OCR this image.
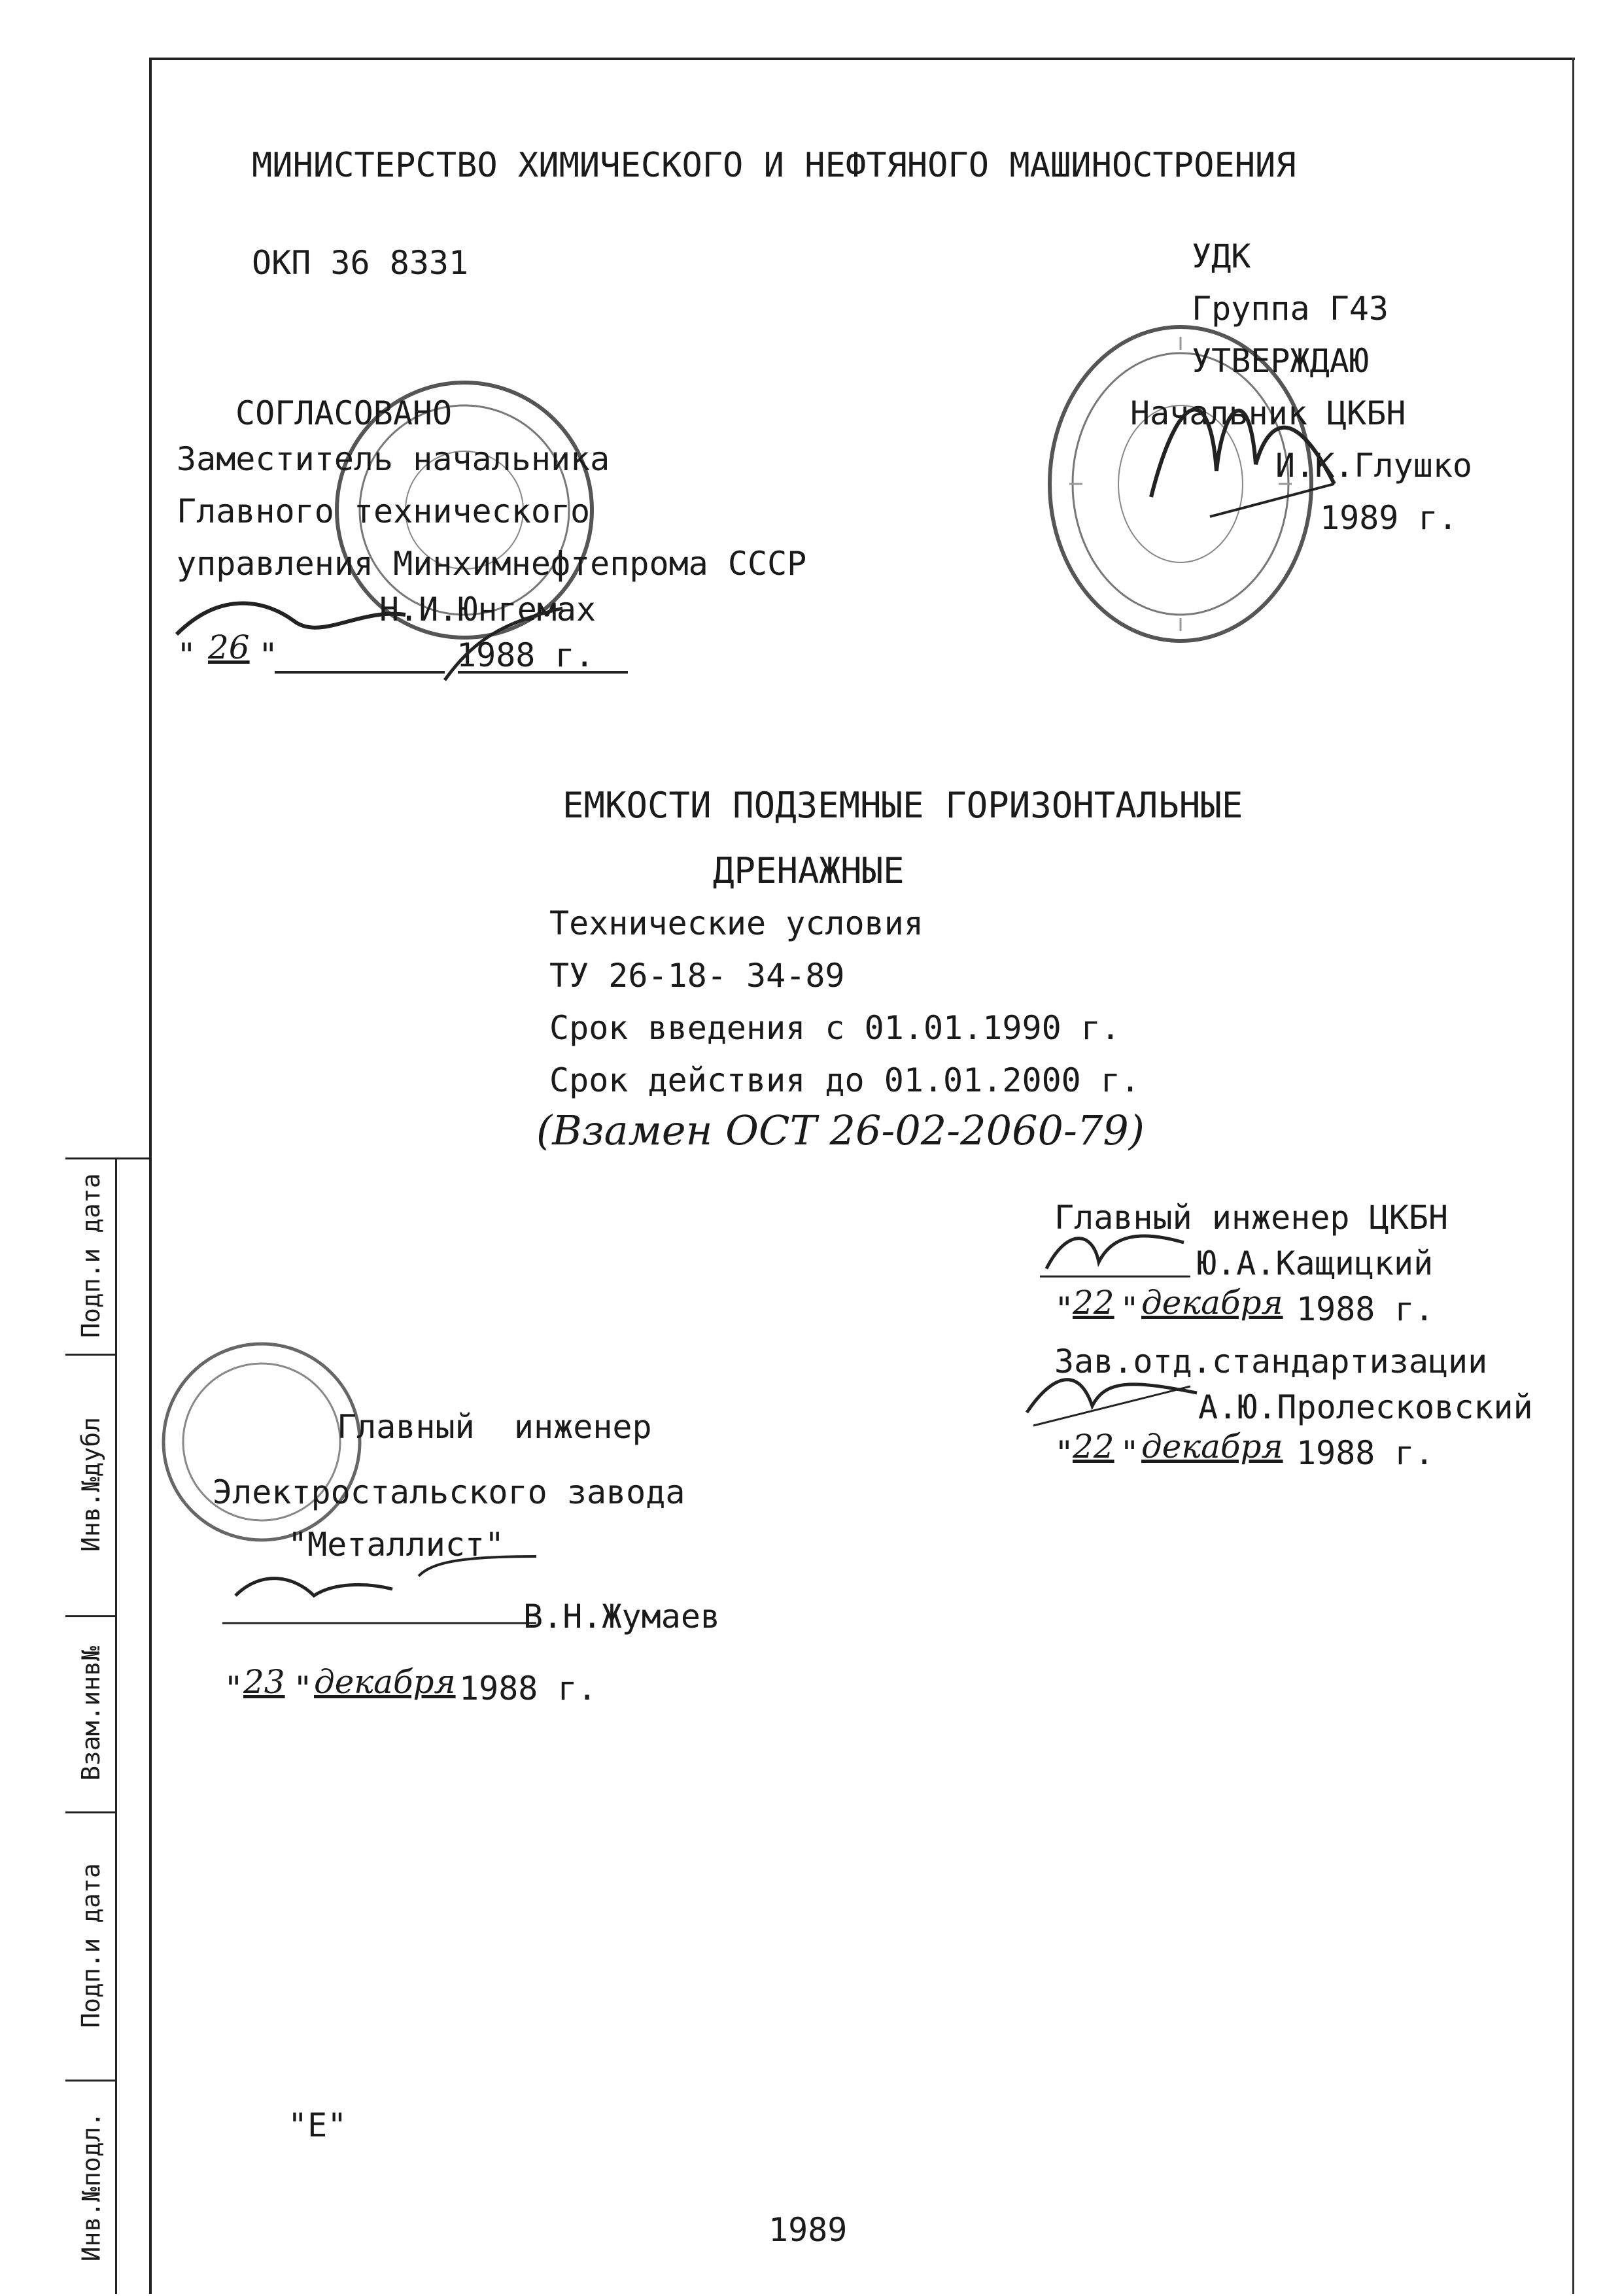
МИНИСТЕРСТВО ХИМИЧЕСКОГО И НЕФТЯНОГО МАШИНОСТРОЕНИЯ
ОКП 36 8331	УДК
Группа Г43
УТВЕРЖДАЮ
Начальник ЦКБН
И.К.Глушко
1989 г.
СОГЛАСОВАНО
Заместитель начальника
Главного технического
управления Минхимнефтепрома СССР
Н.И.Юнгемах
" 26 "	1988 г.
ЕМКОСТИ ПОДЗЕМНЫЕ ГОРИЗОНТАЛЬНЫЕ
ДРЕНАЖНЫЕ
Технические условия
ТУ 26-18- 34-89
Срок введения с 01.01.1990 г.
Срок действия до 01.01.2000 г.
(Взамен ОСТ 26-02-2060-79)
Главный инженер ЦКБН
Ю.А.Кащицкий
"
22 " декабря 1988 г.
Зав.отд.стандартизации
А.Ю.Пролесковский
"
22 " декабря 1988 г.
Главный  инженер
Электростальского завода
"Металлист"
В.Н.Жумаев
" 23 " декабря 1988 г.
"Е"
1989
Подп.и дата
Инв.№дубл
Взам.инв№
Подп.и дата
Инв.№подл.
